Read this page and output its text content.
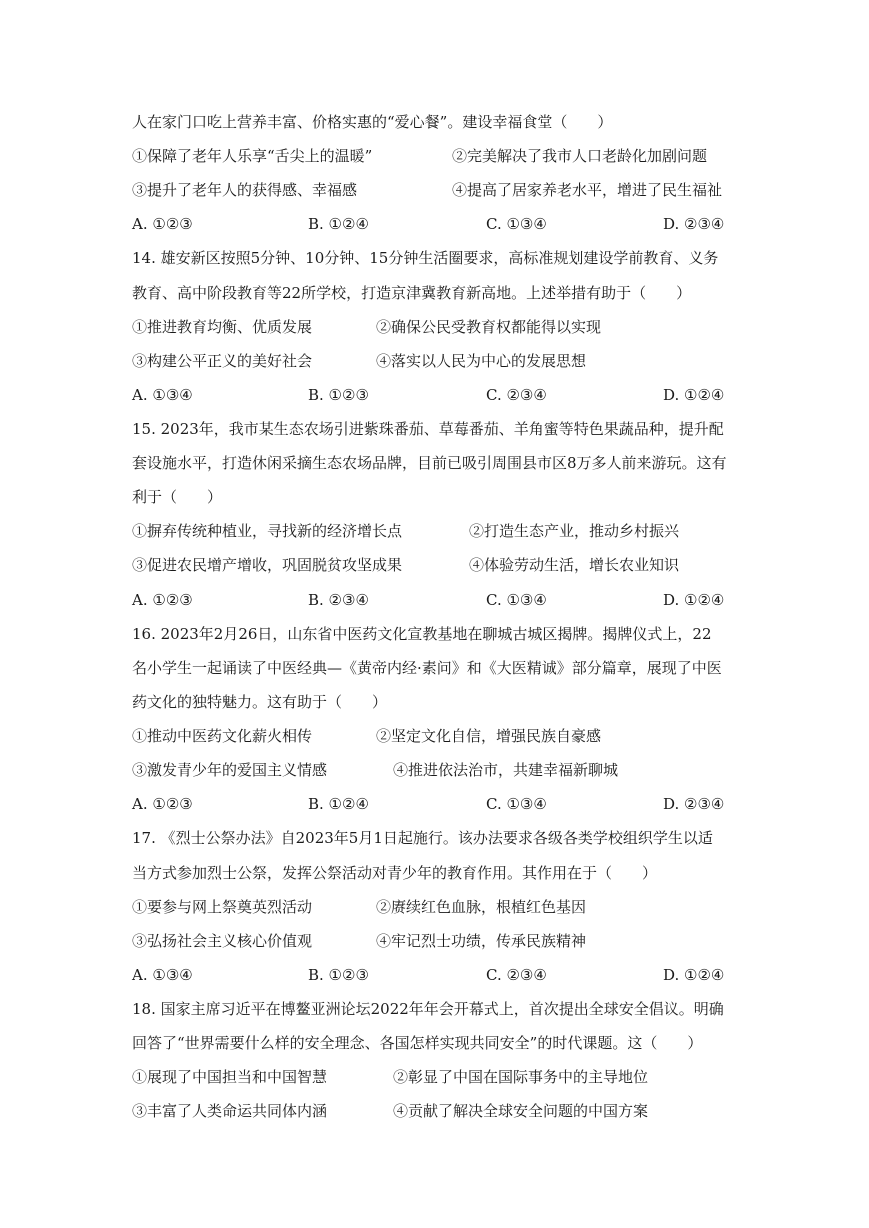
人在家门口吃上营养丰富、价格实惠的“爱心餐”。建设幸福食堂（　　）
①保障了老年人乐享“舌尖上的温暖”	②完美解决了我市人口老龄化加剧问题
③提升了老年人的获得感、幸福感	④提高了居家养老水平，增进了民生福祉
A. ①②③	B. ①②④	C. ①③④	D. ②③④
14. 雄安新区按照5分钟、10分钟、15分钟生活圈要求，高标准规划建设学前教育、义务
教育、高中阶段教育等22所学校，打造京津冀教育新高地。上述举措有助于（　　）
①推进教育均衡、优质发展	②确保公民受教育权都能得以实现
③构建公平正义的美好社会	④落实以人民为中心的发展思想
A. ①③④	B. ①②③	C. ②③④	D. ①②④
15. 2023年，我市某生态农场引进紫珠番茄、草莓番茄、羊角蜜等特色果蔬品种，提升配
套设施水平，打造休闲采摘生态农场品牌，目前已吸引周围县市区8万多人前来游玩。这有
利于（　　）
①摒弃传统种植业，寻找新的经济增长点	②打造生态产业，推动乡村振兴
③促进农民增产增收，巩固脱贫攻坚成果	④体验劳动生活，增长农业知识
A. ①②③	B. ②③④	C. ①③④	D. ①②④
16. 2023年2月26日，山东省中医药文化宣教基地在聊城古城区揭牌。揭牌仪式上，22
名小学生一起诵读了中医经典—《黄帝内经·素问》和《大医精诚》部分篇章，展现了中医
药文化的独特魅力。这有助于（　　）
①推动中医药文化薪火相传	②坚定文化自信，增强民族自豪感
③激发青少年的爱国主义情感	④推进依法治市，共建幸福新聊城
A. ①②③	B. ①②④	C. ①③④	D. ②③④
17. 《烈士公祭办法》自2023年5月1日起施行。该办法要求各级各类学校组织学生以适
当方式参加烈士公祭，发挥公祭活动对青少年的教育作用。其作用在于（　　）
①要参与网上祭奠英烈活动	②赓续红色血脉，根植红色基因
③弘扬社会主义核心价值观	④牢记烈士功绩，传承民族精神
A. ①③④	B. ①②③	C. ②③④	D. ①②④
18. 国家主席习近平在博鳌亚洲论坛2022年年会开幕式上，首次提出全球安全倡议。明确
回答了“世界需要什么样的安全理念、各国怎样实现共同安全”的时代课题。这（　　）
①展现了中国担当和中国智慧	②彰显了中国在国际事务中的主导地位
③丰富了人类命运共同体内涵	④贡献了解决全球安全问题的中国方案
